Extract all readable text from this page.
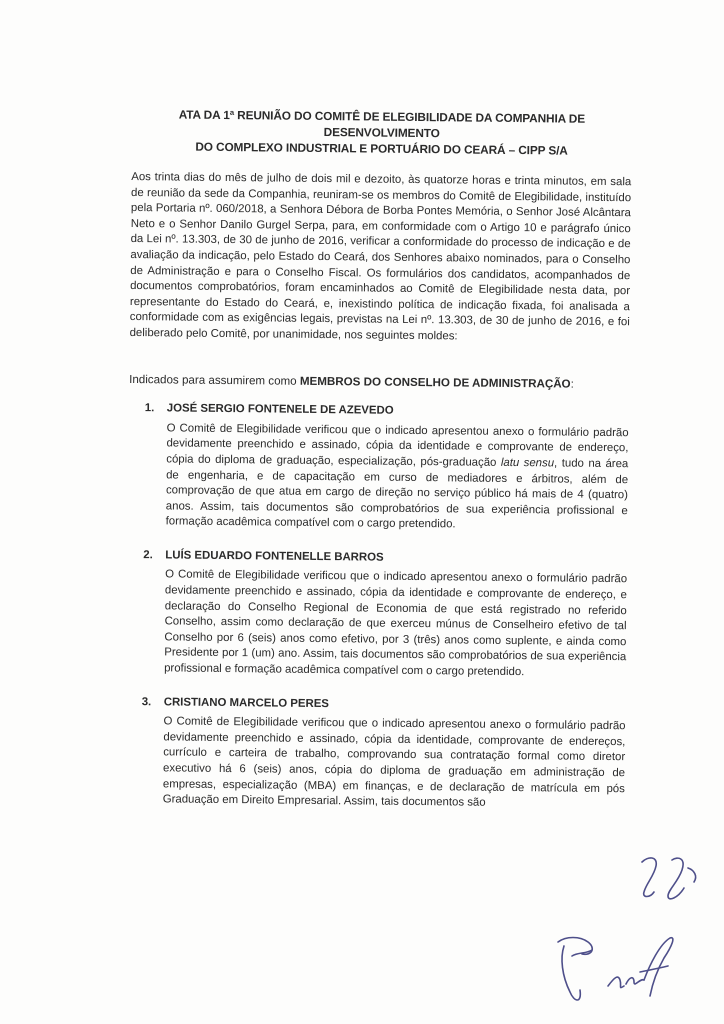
ATA DA 1ª REUNIÃO DO COMITÊ DE ELEGIBILIDADE DA COMPANHIA DE DESENVOLVIMENTO
DO COMPLEXO INDUSTRIAL E PORTUÁRIO DO CEARÁ – CIPP S/A

Aos trinta dias do mês de julho de dois mil e dezoito, às quatorze horas e trinta minutos, em sala de reunião da sede da Companhia, reuniram-se os membros do Comitê de Elegibilidade, instituído pela Portaria nº. 060/2018, a Senhora Débora de Borba Pontes Memória, o Senhor José Alcântara Neto e o Senhor Danilo Gurgel Serpa, para, em conformidade com o Artigo 10 e parágrafo único da Lei nº. 13.303, de 30 de junho de 2016, verificar a conformidade do processo de indicação e de avaliação da indicação, pelo Estado do Ceará, dos Senhores abaixo nominados, para o Conselho de Administração e para o Conselho Fiscal. Os formulários dos candidatos, acompanhados de documentos comprobatórios, foram encaminhados ao Comitê de Elegibilidade nesta data, por representante do Estado do Ceará, e, inexistindo política de indicação fixada, foi analisada a conformidade com as exigências legais, previstas na Lei nº. 13.303, de 30 de junho de 2016, e foi deliberado pelo Comitê, por unanimidade, nos seguintes moldes:

Indicados para assumirem como MEMBROS DO CONSELHO DE ADMINISTRAÇÃO:

1. JOSÉ SERGIO FONTENELE DE AZEVEDO
O Comitê de Elegibilidade verificou que o indicado apresentou anexo o formulário padrão devidamente preenchido e assinado, cópia da identidade e comprovante de endereço, cópia do diploma de graduação, especialização, pós-graduação latu sensu, tudo na área de engenharia, e de capacitação em curso de mediadores e árbitros, além de comprovação de que atua em cargo de direção no serviço público há mais de 4 (quatro) anos. Assim, tais documentos são comprobatórios de sua experiência profissional e formação acadêmica compatível com o cargo pretendido.
2. LUÍS EDUARDO FONTENELLE BARROS
O Comitê de Elegibilidade verificou que o indicado apresentou anexo o formulário padrão devidamente preenchido e assinado, cópia da identidade e comprovante de endereço, e declaração do Conselho Regional de Economia de que está registrado no referido Conselho, assim como declaração de que exerceu múnus de Conselheiro efetivo de tal Conselho por 6 (seis) anos como efetivo, por 3 (três) anos como suplente, e ainda como Presidente por 1 (um) ano. Assim, tais documentos são comprobatórios de sua experiência profissional e formação acadêmica compatível com o cargo pretendido.
3. CRISTIANO MARCELO PERES
O Comitê de Elegibilidade verificou que o indicado apresentou anexo o formulário padrão devidamente preenchido e assinado, cópia da identidade, comprovante de endereços, currículo e carteira de trabalho, comprovando sua contratação formal como diretor executivo há 6 (seis) anos, cópia do diploma de graduação em administração de empresas, especialização (MBA) em finanças, e de declaração de matrícula em pós Graduação em Direito Empresarial. Assim, tais documentos são
